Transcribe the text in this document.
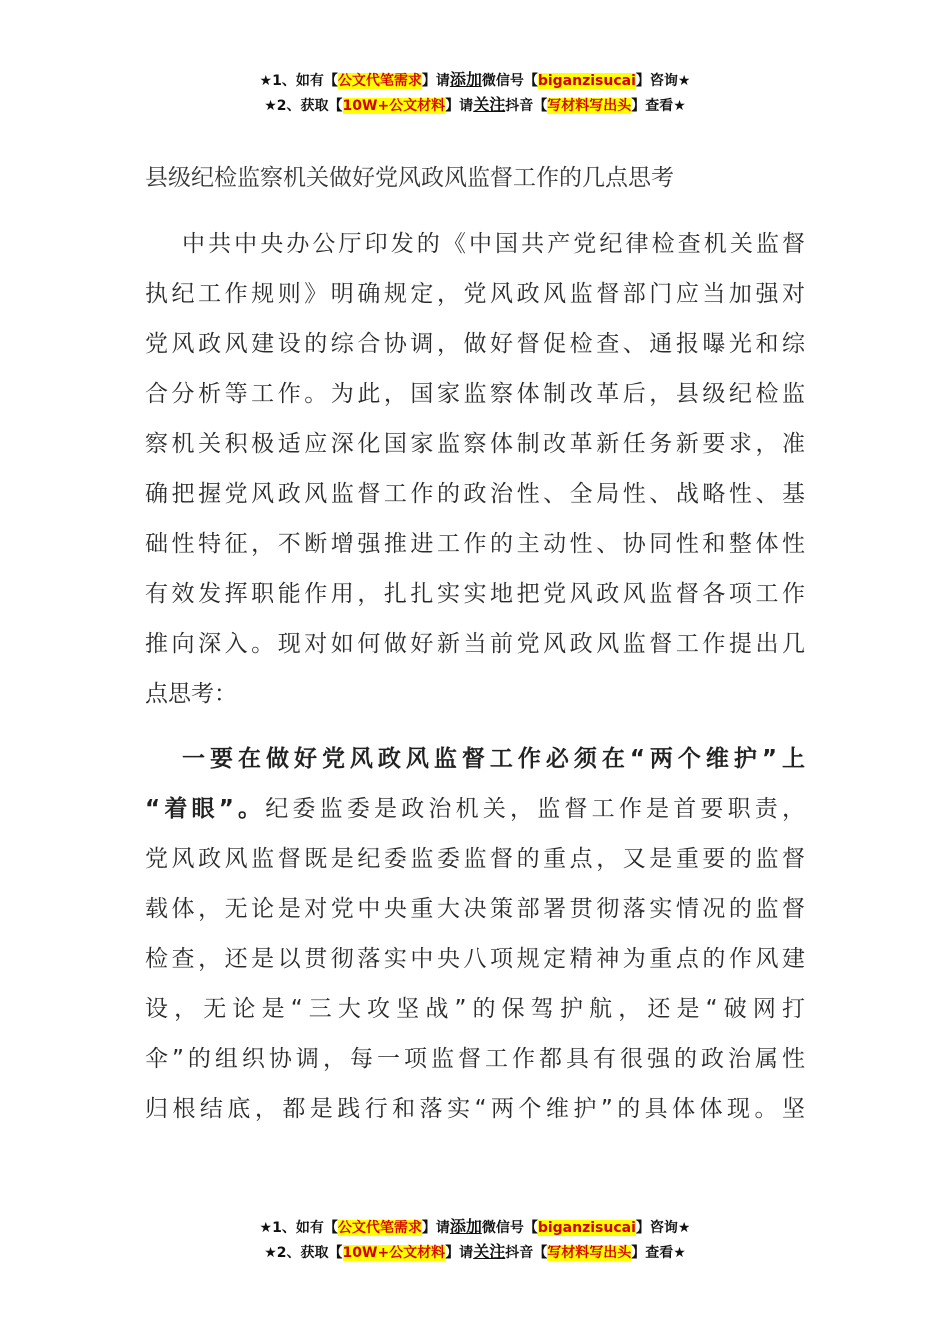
★1、如有【公文代笔需求】请添加微信号【biganzisucai】咨询★
★2、获取【10W+公文材料】请关注抖音【写材料写出头】查看★
县级纪检监察机关做好党风政风监督工作的几点思考
中共中央办公厅印发的《中国共产党纪律检查机关监督
执纪工作规则》明确规定，党风政风监督部门应当加强对
党风政风建设的综合协调，做好督促检查、通报曝光和综
合分析等工作。为此，国家监察体制改革后，县级纪检监
察机关积极适应深化国家监察体制改革新任务新要求，准
确把握党风政风监督工作的政治性、全局性、战略性、基
础性特征，不断增强推进工作的主动性、协同性和整体性
有效发挥职能作用，扎扎实实地把党风政风监督各项工作
推向深入。现对如何做好新当前党风政风监督工作提出几
点思考：
一要在做好党风政风监督工作必须在“两个维护”上
“着眼”。纪委监委是政治机关，监督工作是首要职责，
党风政风监督既是纪委监委监督的重点，又是重要的监督
载体，无论是对党中央重大决策部署贯彻落实情况的监督
检查，还是以贯彻落实中央八项规定精神为重点的作风建
设，无论是“三大攻坚战”的保驾护航，还是“破网打
伞”的组织协调，每一项监督工作都具有很强的政治属性
归根结底，都是践行和落实“两个维护”的具体体现。坚
★1、如有【公文代笔需求】请添加微信号【biganzisucai】咨询★
★2、获取【10W+公文材料】请关注抖音【写材料写出头】查看★
